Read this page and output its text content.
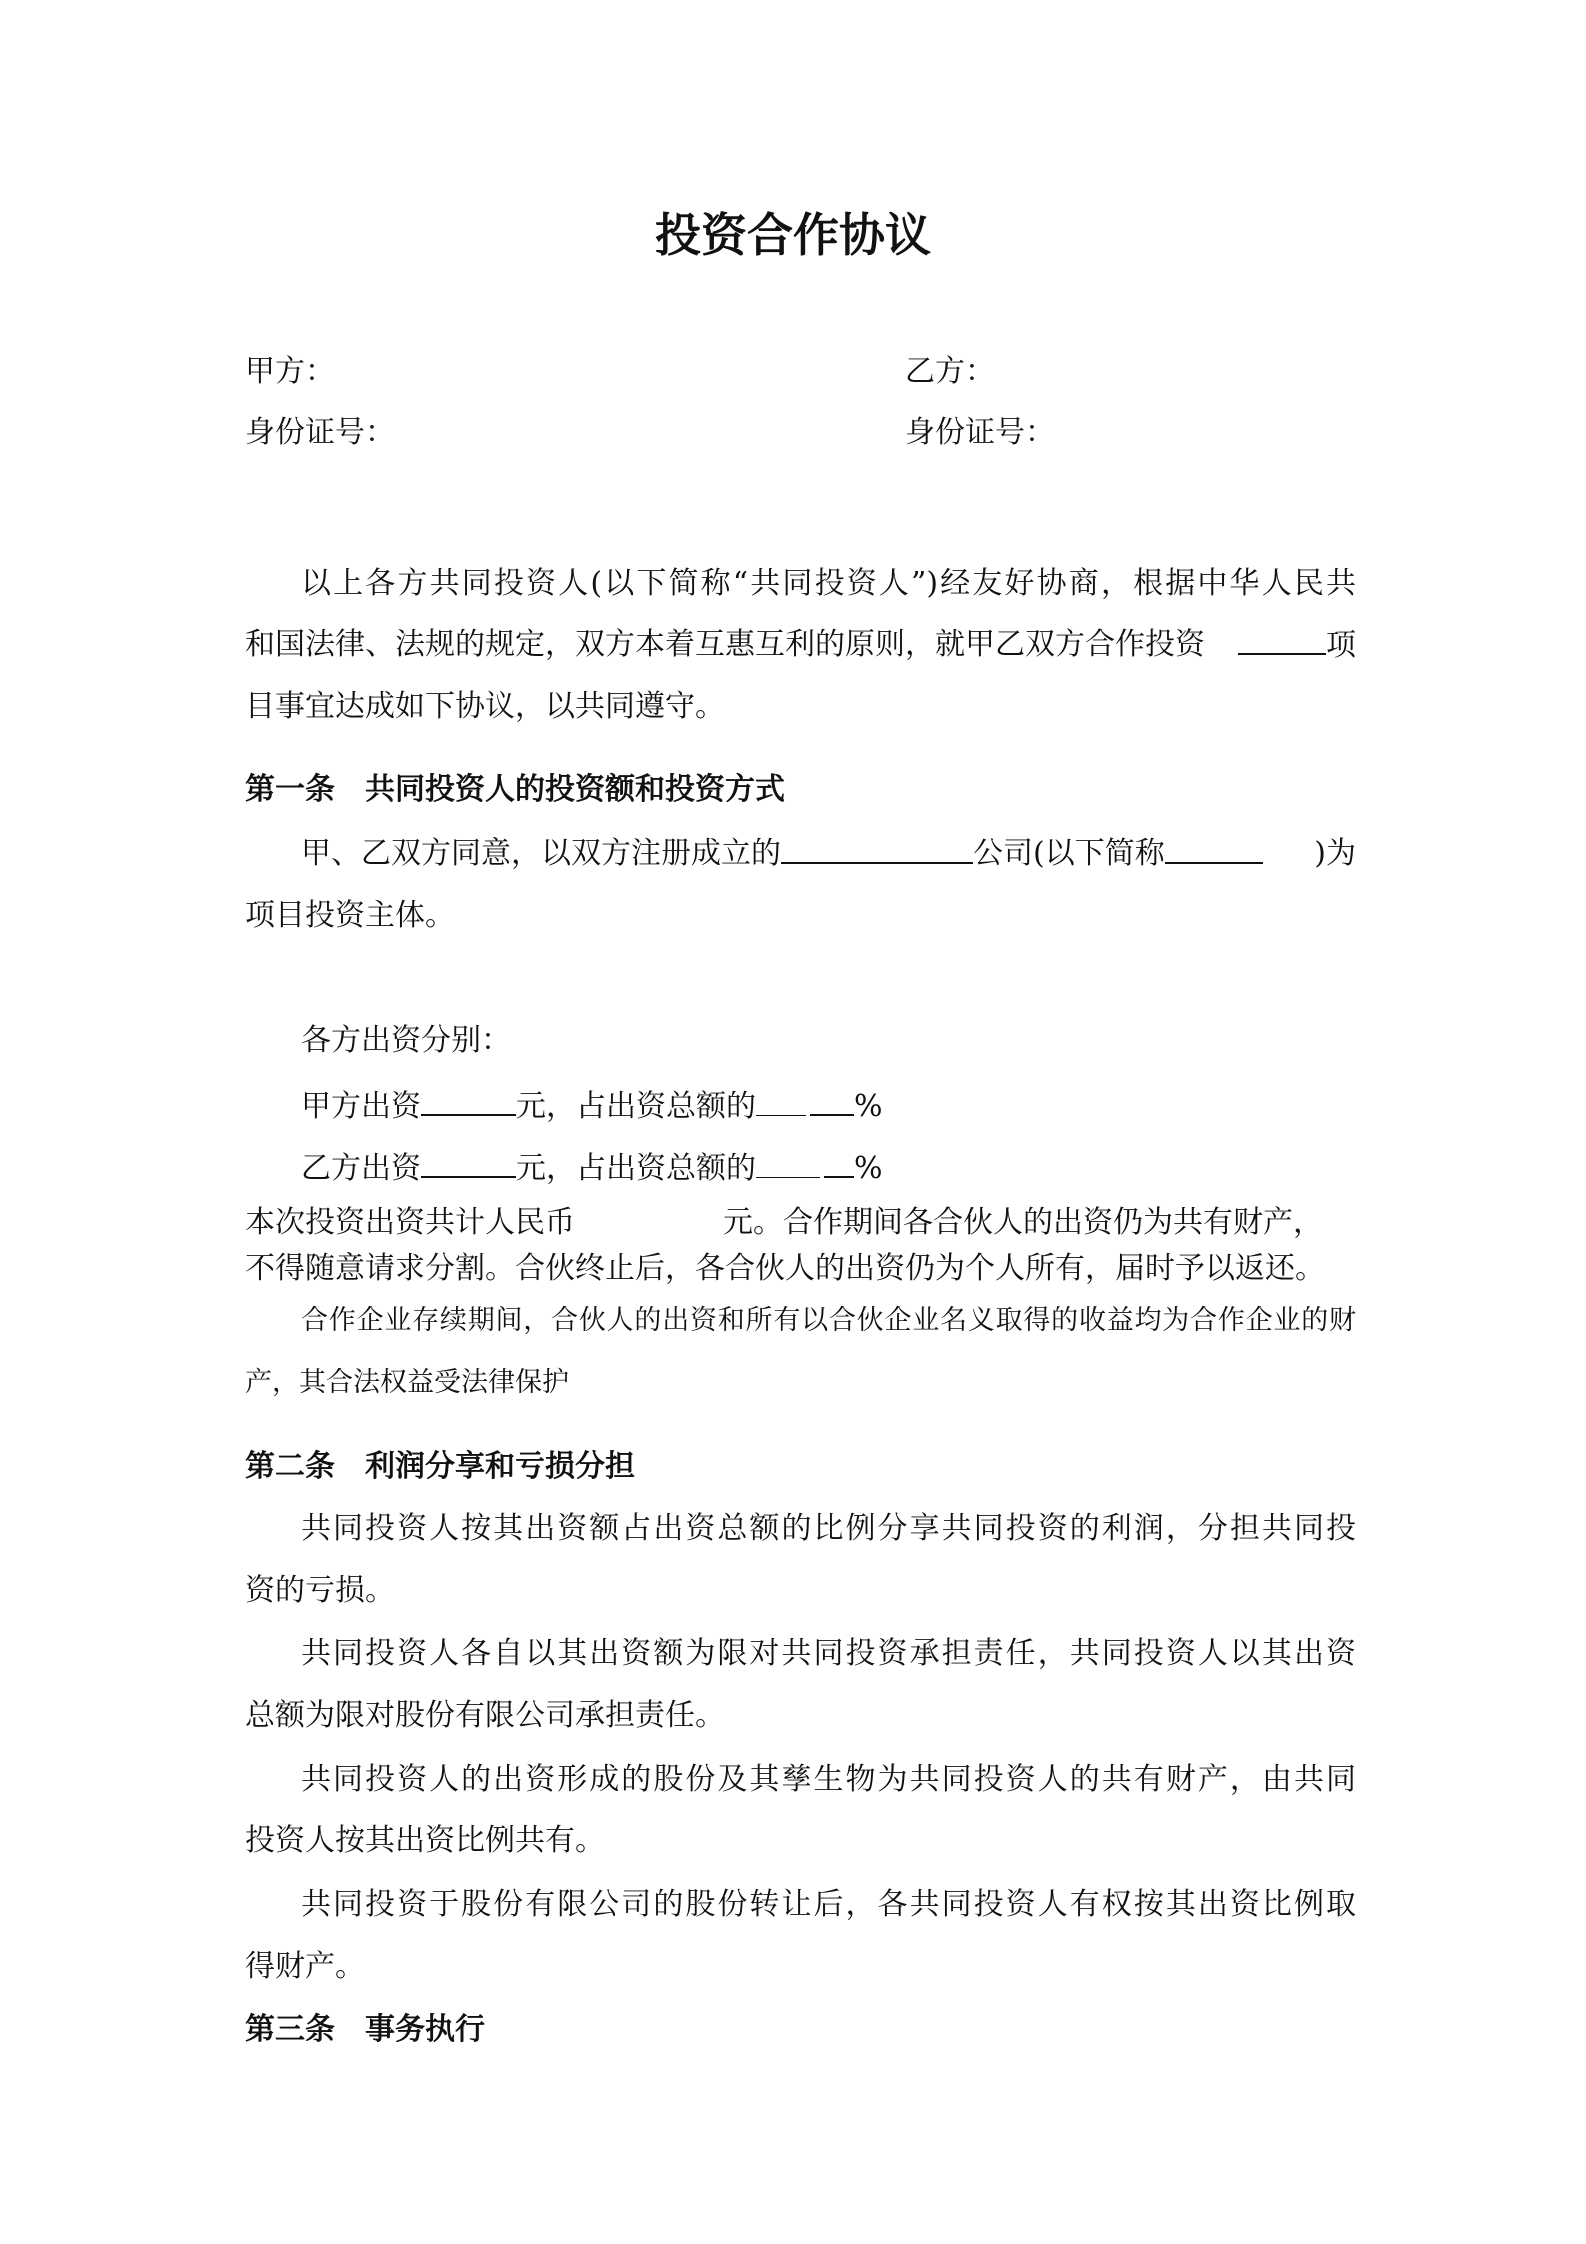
投资合作协议
甲方：	乙方：
身份证号：	身份证号：
以上各方共同投资人(以下简称“共同投资人”)经友好协商，根据中华人民共
和国法律、法规的规定，双方本着互惠互利的原则，就甲乙双方合作投资	项
目事宜达成如下协议，以共同遵守。
第一条　共同投资人的投资额和投资方式
甲、乙双方同意，以双方注册成立的	公司(以下简称	)为
项目投资主体。
各方出资分别：
甲方出资	元，占出资总额的	%
乙方出资	元，占出资总额的	%
本次投资出资共计人民币	元。合作期间各合伙人的出资仍为共有财产，
不得随意请求分割。合伙终止后，各合伙人的出资仍为个人所有，届时予以返还。
合作企业存续期间，合伙人的出资和所有以合伙企业名义取得的收益均为合作企业的财
产，其合法权益受法律保护
第二条　利润分享和亏损分担
共同投资人按其出资额占出资总额的比例分享共同投资的利润，分担共同投
资的亏损。
共同投资人各自以其出资额为限对共同投资承担责任，共同投资人以其出资
总额为限对股份有限公司承担责任。
共同投资人的出资形成的股份及其孳生物为共同投资人的共有财产，由共同
投资人按其出资比例共有。
共同投资于股份有限公司的股份转让后，各共同投资人有权按其出资比例取
得财产。
第三条　事务执行
